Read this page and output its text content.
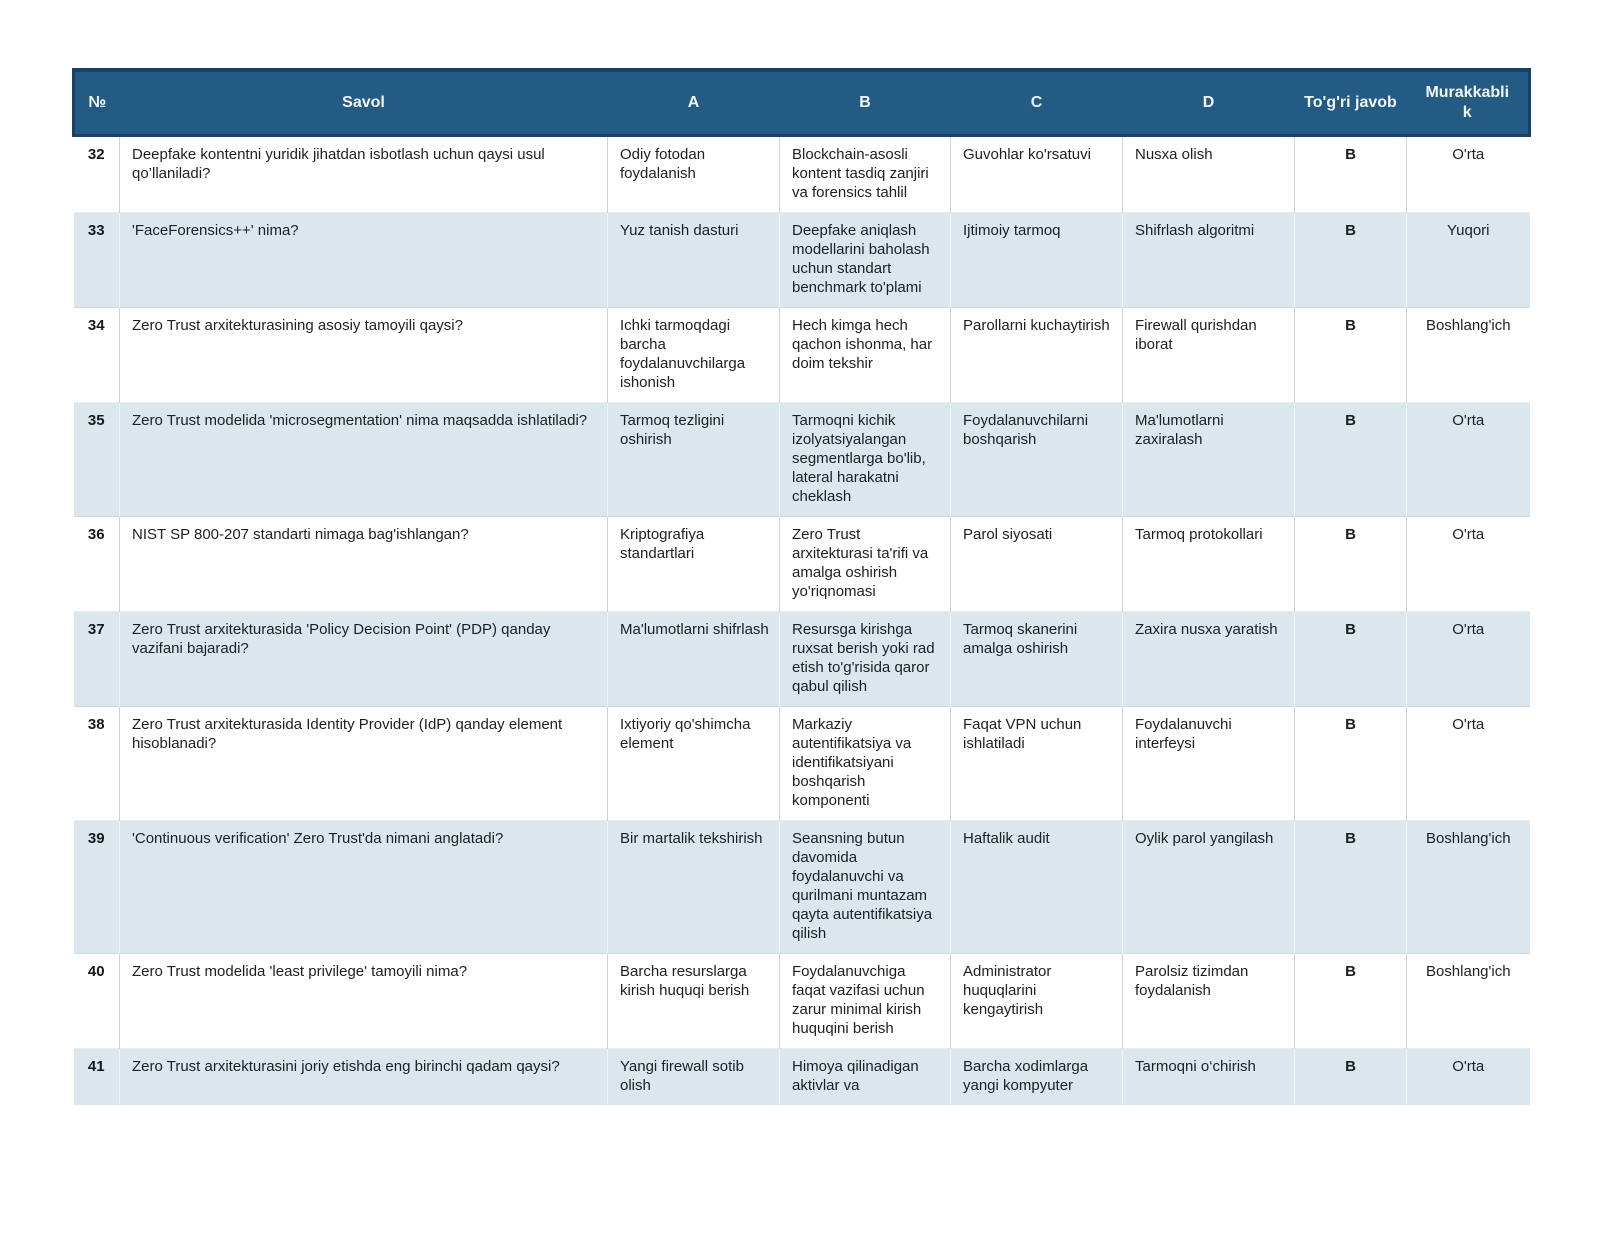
№	Savol	A	B	C	D	To'g'ri javob	Murakkablik

32	Deepfake kontentni yuridik jihatdan isbotlash uchun qaysi usul qo’llaniladi?	Odiy fotodan foydalanish	Blockchain-asosli kontent tasdiq zanjiri va forensics tahlil	Guvohlar ko'rsatuvi	Nusxa olish	B	O'rta

33	'FaceForensics++' nima?	Yuz tanish dasturi	Deepfake aniqlash modellarini baholash uchun standart benchmark to'plami	Ijtimoiy tarmoq	Shifrlash algoritmi	B	Yuqori

34	Zero Trust arxitekturasining asosiy tamoyili qaysi?	Ichki tarmoqdagi barcha foydalanuvchilarga ishonish	Hech kimga hech qachon ishonma, har doim tekshir	Parollarni kuchaytirish	Firewall qurishdan iborat	B	Boshlang'ich

35	Zero Trust modelida 'microsegmentation' nima maqsadda ishlatiladi?	Tarmoq tezligini oshirish	Tarmoqni kichik izolyatsiyalangan segmentlarga bo'lib, lateral harakatni cheklash	Foydalanuvchilarni boshqarish	Ma'lumotlarni zaxiralash	B	O'rta

36	NIST SP 800-207 standarti nimaga bag'ishlangan?	Kriptografiya standartlari	Zero Trust arxitekturasi ta'rifi va amalga oshirish yo'riqnomasi	Parol siyosati	Tarmoq protokollari	B	O'rta

37	Zero Trust arxitekturasida 'Policy Decision Point' (PDP) qanday vazifani bajaradi?	Ma'lumotlarni shifrlash	Resursga kirishga ruxsat berish yoki rad etish to'g'risida qaror qabul qilish	Tarmoq skanerini amalga oshirish	Zaxira nusxa yaratish	B	O'rta

38	Zero Trust arxitekturasida Identity Provider (IdP) qanday element hisoblanadi?	Ixtiyoriy qo'shimcha element	Markaziy autentifikatsiya va identifikatsiyani boshqarish komponenti	Faqat VPN uchun ishlatiladi	Foydalanuvchi interfeysi	B	O'rta

39	'Continuous verification' Zero Trust'da nimani anglatadi?	Bir martalik tekshirish	Seansning butun davomida foydalanuvchi va qurilmani muntazam qayta autentifikatsiya qilish	Haftalik audit	Oylik parol yangilash	B	Boshlang'ich

40	Zero Trust modelida 'least privilege' tamoyili nima?	Barcha resurslarga kirish huquqi berish	Foydalanuvchiga faqat vazifasi uchun zarur minimal kirish huquqini berish	Administrator huquqlarini kengaytirish	Parolsiz tizimdan foydalanish	B	Boshlang'ich

41	Zero Trust arxitekturasini joriy etishda eng birinchi qadam qaysi?	Yangi firewall sotib olish	Himoya qilinadigan aktivlar va	Barcha xodimlarga yangi kompyuter	Tarmoqni o‘chirish	B	O'rta
